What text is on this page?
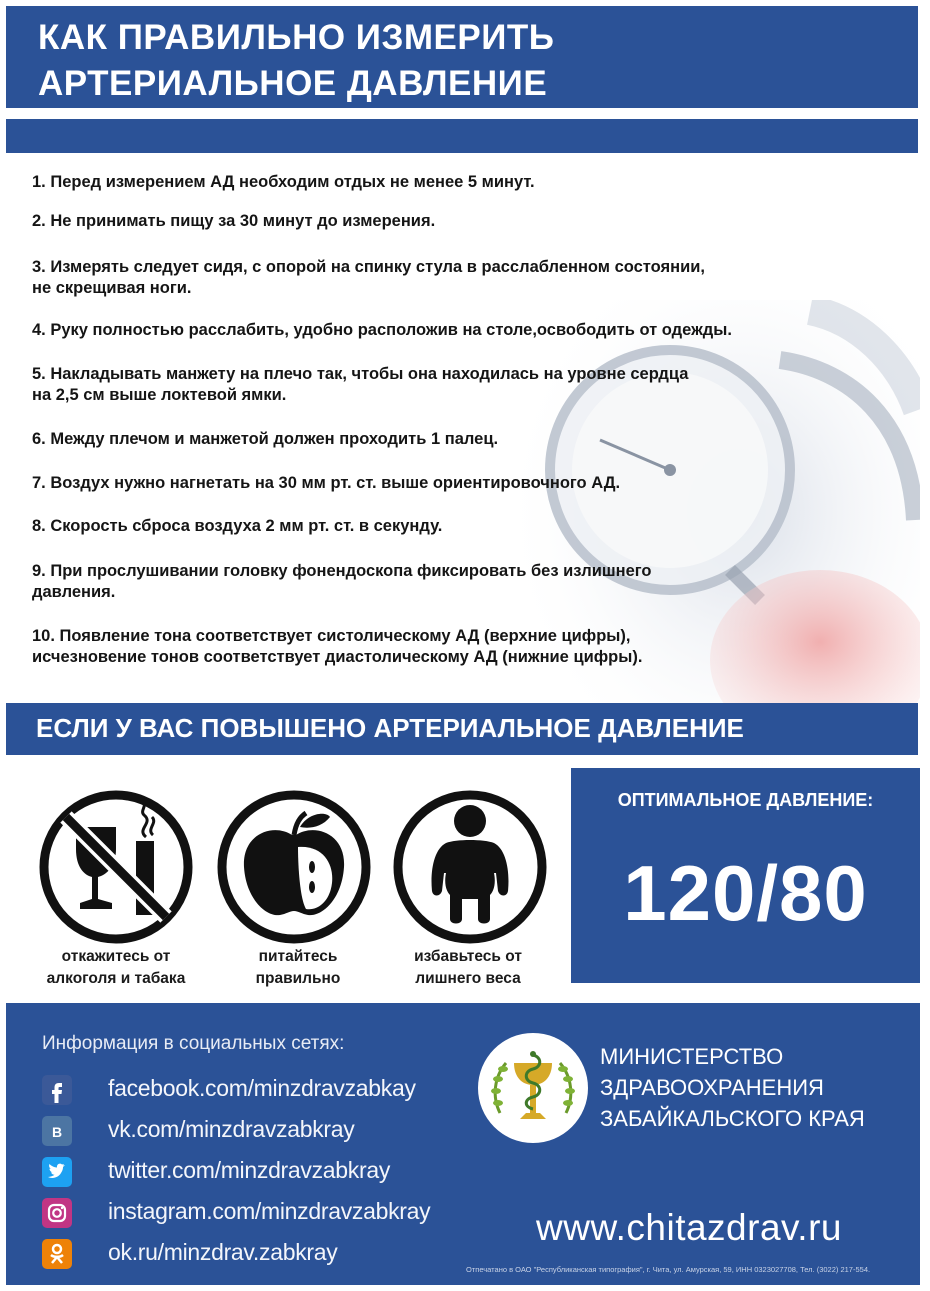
КАК ПРАВИЛЬНО ИЗМЕРИТЬ
АРТЕРИАЛЬНОЕ ДАВЛЕНИЕ
1. Перед измерением АД необходим отдых не менее 5 минут.
2. Не принимать пищу за 30 минут до измерения.
3. Измерять следует сидя, с опорой на спинку стула в расслабленном состоянии,
не скрещивая ноги.
4. Руку полностью расслабить, удобно расположив на столе,освободить от одежды.
5. Накладывать манжету на плечо так, чтобы она находилась на уровне сердца
на 2,5 см выше локтевой ямки.
6. Между плечом и манжетой должен проходить 1 палец.
7. Воздух нужно нагнетать на 30 мм рт. ст. выше ориентировочного АД.
8. Скорость сброса воздуха 2 мм рт. ст. в секунду.
9. При прослушивании головку фонендоскопа фиксировать без излишнего
давления.
10. Появление тона соответствует систолическому АД (верхние цифры),
исчезновение тонов соответствует диастолическому АД (нижние цифры).
ЕСЛИ У ВАС ПОВЫШЕНО АРТЕРИАЛЬНОЕ ДАВЛЕНИЕ
откажитесь от
алкоголя и табака
питайтесь
правильно
избавьтесь от
лишнего веса
ОПТИМАЛЬНОЕ ДАВЛЕНИЕ:
120/80
Информация в социальных сетях:
facebook.com/minzdravzabkay
B vk.com/minzdravzabkray
twitter.com/minzdravzabkray
instagram.com/minzdravzabkray
ok.ru/minzdrav.zabkray
МИНИСТЕРСТВО
ЗДРАВООХРАНЕНИЯ
ЗАБАЙКАЛЬСКОГО КРАЯ
www.chitazdrav.ru
Отпечатано в ОАО "Республиканская типография", г. Чита, ул. Амурская, 59, ИНН 0323027708, Тел. (3022) 217-554.
